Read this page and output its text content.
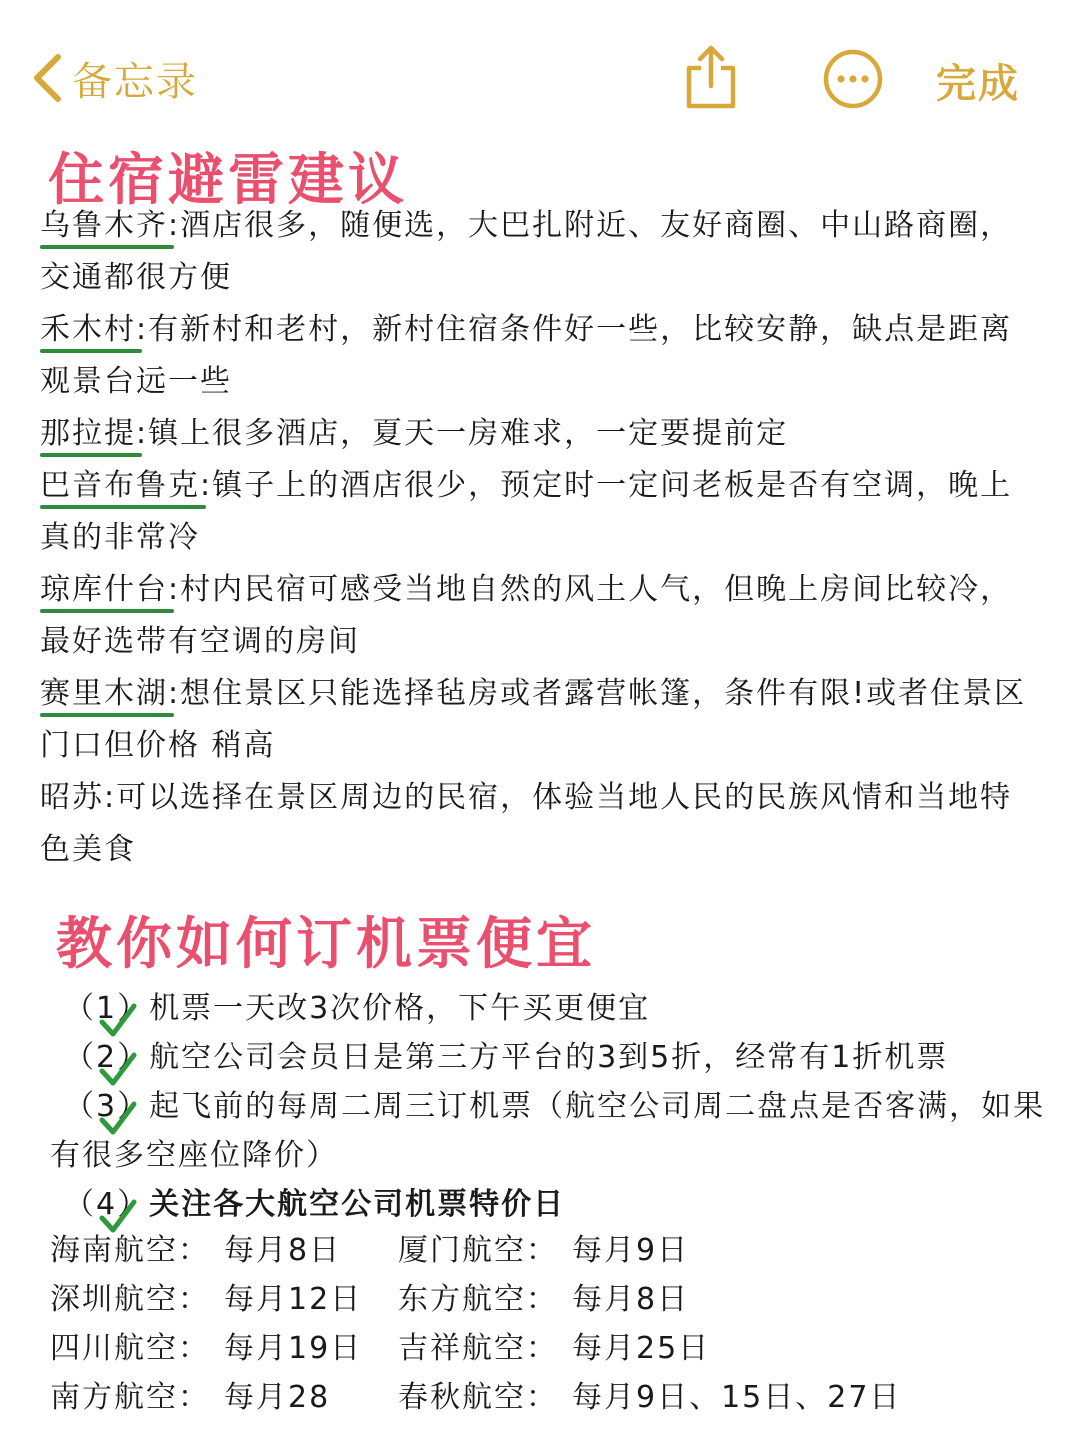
备忘录	完成
住宿避雷建议

乌鲁木齐:酒店很多，随便选，大巴扎附近、友好商圈、中山路商圈，交通都很方便

禾木村:有新村和老村，新村住宿条件好一些，比较安静，缺点是距离观景台远一些

那拉提:镇上很多酒店，夏天一房难求，一定要提前定

巴音布鲁克:镇子上的酒店很少，预定时一定问老板是否有空调，晚上真的非常冷

琼库什台:村内民宿可感受当地自然的风土人气，但晚上房间比较冷，最好选带有空调的房间

赛里木湖:想住景区只能选择毡房或者露营帐篷，条件有限!或者住景区门口但价格 稍高

昭苏:可以选择在景区周边的民宿，体验当地人民的民族风情和当地特色美食

教你如何订机票便宜
（1）
机票一天改3次价格，下午买更便宜
（2）
航空公司会员日是第三方平台的3到5折，经常有1折机票
（3）
起飞前的每周二周三订机票（航空公司周二盘点是否客满，如果有很多空座位降价）
（4）
关注各大航空公司机票特价日
海南航空： 每月8日 厦门航空： 每月9日
深圳航空： 每月12日 东方航空： 每月8日
四川航空： 每月19日 吉祥航空： 每月25日
南方航空： 每月28 春秋航空： 每月9日、15日、27日
